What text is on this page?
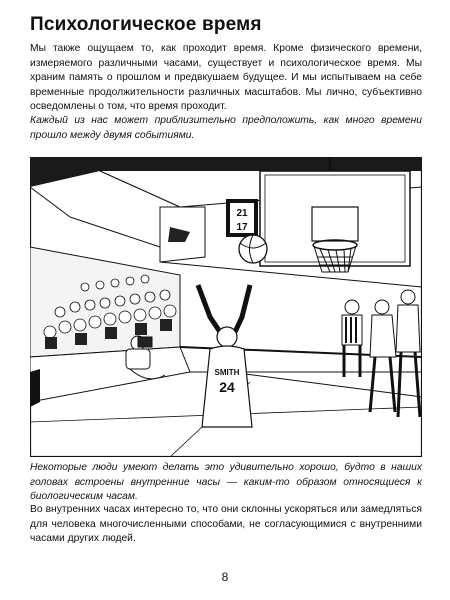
Психологическое время

Мы также ощущаем то, как проходит время. Кроме физического времени, измеряемого различными часами, существует и психологическое время. Мы храним память о прошлом и предвкушаем будущее. И мы испытываем на себе временные продолжительности различных масштабов. Мы лично, субъективно осведомлены о том, что время проходит.

Каждый из нас может приблизительно предположить, как много времени прошло между двумя событиями.

21
17
SMITH
24

Некоторые люди умеют делать это удивительно хорошо, будто в наших головах встроены внутренние часы — каким-то образом относящиеся к биологическим часам.

Во внутренних часах интересно то, что они склонны ускоряться или замедляться для человека многочисленными способами, не согласующимися с внутренними часами других людей.

8
